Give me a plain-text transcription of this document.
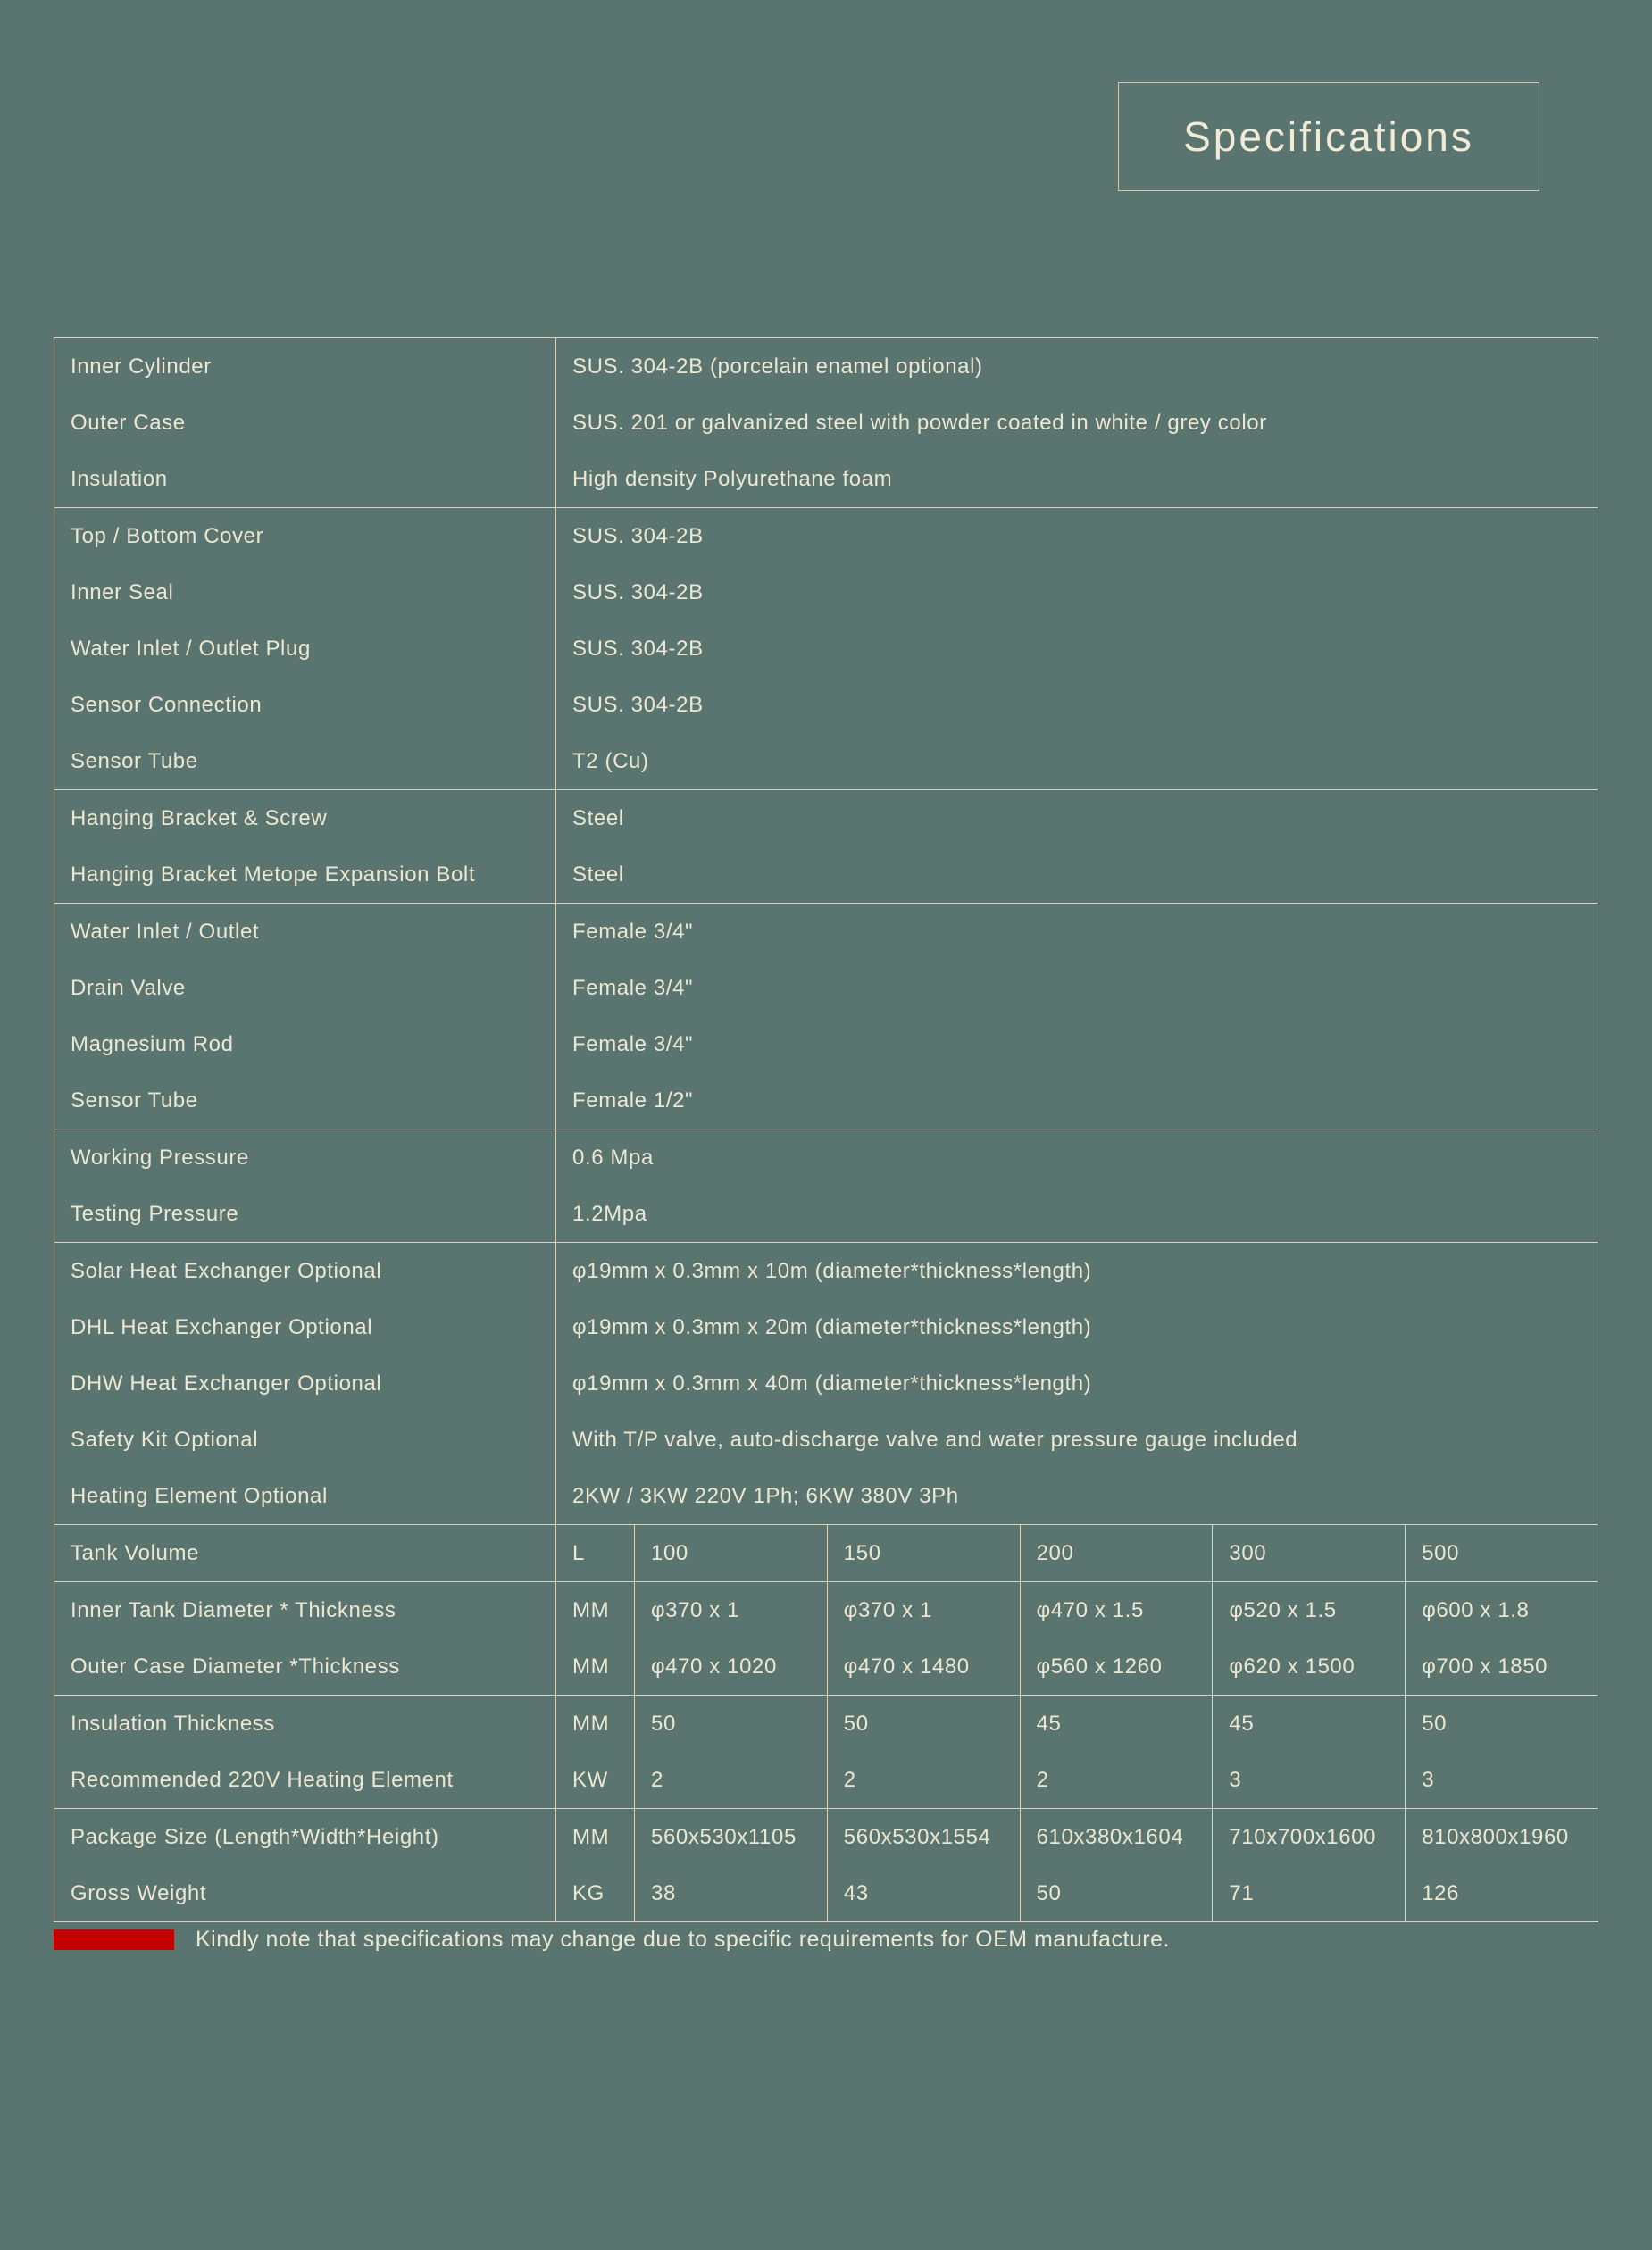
Specifications
Inner Cylinder	SUS. 304-2B (porcelain enamel optional)
Outer Case	SUS. 201 or galvanized steel with powder coated in white / grey color
Insulation	High density Polyurethane foam
Top / Bottom Cover	SUS. 304-2B
Inner Seal	SUS. 304-2B
Water Inlet / Outlet Plug	SUS. 304-2B
Sensor Connection	SUS. 304-2B
Sensor Tube	T2 (Cu)
Hanging Bracket & Screw	Steel
Hanging Bracket Metope Expansion Bolt	Steel
Water Inlet / Outlet	Female 3/4"
Drain Valve	Female 3/4"
Magnesium Rod	Female 3/4"
Sensor Tube	Female 1/2"
Working Pressure	0.6 Mpa
Testing Pressure	1.2Mpa
Solar Heat Exchanger Optional	φ19mm x 0.3mm x 10m (diameter*thickness*length)
DHL Heat Exchanger Optional	φ19mm x 0.3mm x 20m (diameter*thickness*length)
DHW Heat Exchanger Optional	φ19mm x 0.3mm x 40m (diameter*thickness*length)
Safety Kit Optional	With T/P valve, auto-discharge valve and water pressure gauge included
Heating Element Optional	2KW / 3KW 220V 1Ph; 6KW 380V 3Ph
Tank Volume	L	100	150	200	300	500
Inner Tank Diameter * Thickness	MM	φ370 x 1	φ370 x 1	φ470 x 1.5	φ520 x 1.5	φ600 x 1.8
Outer Case Diameter *Thickness	MM	φ470 x 1020	φ470 x 1480	φ560 x 1260	φ620 x 1500	φ700 x 1850
Insulation Thickness	MM	50	50	45	45	50
Recommended 220V Heating Element	KW	2	2	2	3	3
Package Size (Length*Width*Height)	MM	560x530x1105	560x530x1554	610x380x1604	710x700x1600	810x800x1960
Gross Weight	KG	38	43	50	71	126
Kindly note that specifications may change due to specific requirements for OEM manufacture.
